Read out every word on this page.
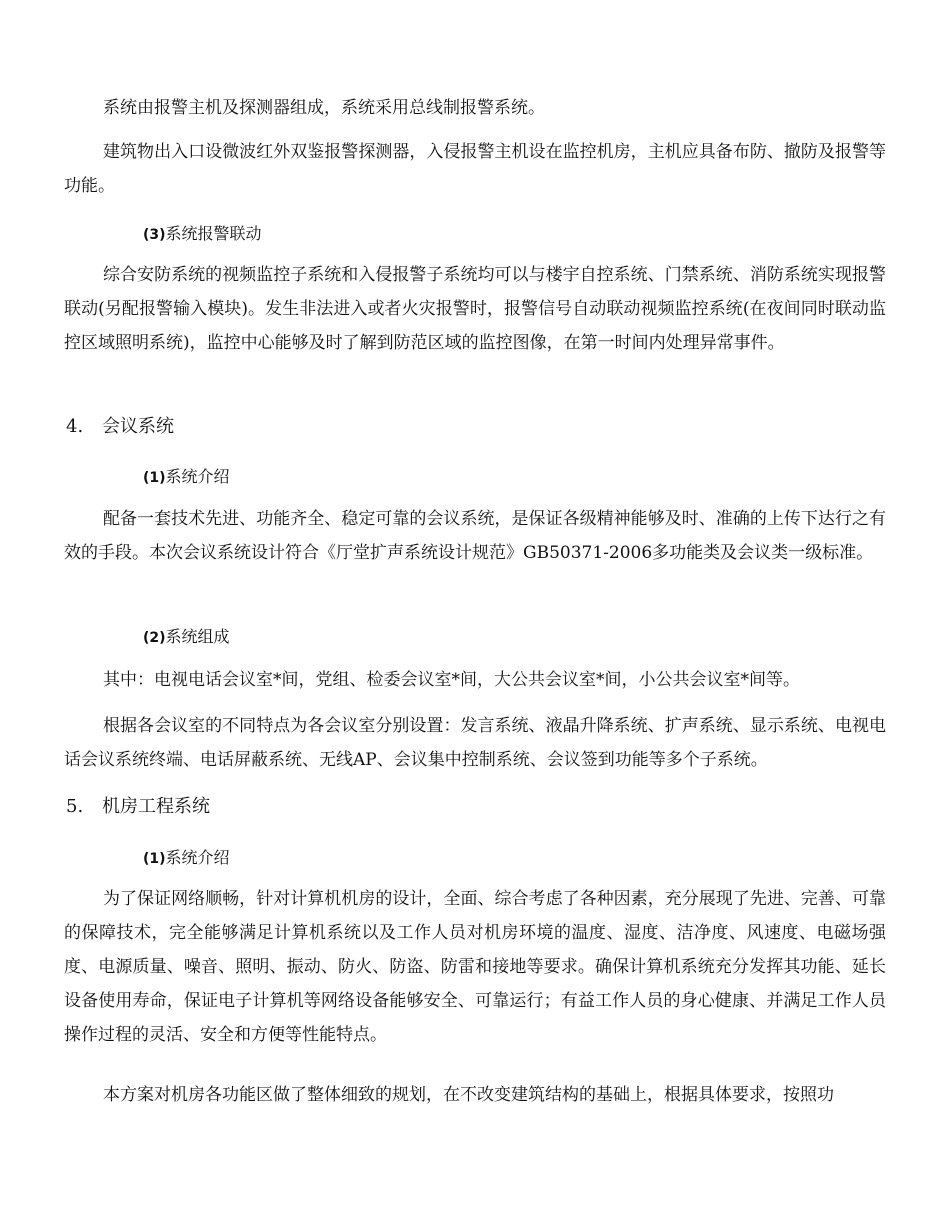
系统由报警主机及探测器组成，系统采用总线制报警系统。
建筑物出入口设微波红外双鉴报警探测器，入侵报警主机设在监控机房，主机应具备布防、撤防及报警等功能。
(3)系统报警联动
综合安防系统的视频监控子系统和入侵报警子系统均可以与楼宇自控系统、门禁系统、消防系统实现报警联动(另配报警输入模块)。发生非法进入或者火灾报警时，报警信号自动联动视频监控系统(在夜间同时联动监控区域照明系统)，监控中心能够及时了解到防范区域的监控图像，在第一时间内处理异常事件。
4. 会议系统
(1)系统介绍
配备一套技术先进、功能齐全、稳定可靠的会议系统，是保证各级精神能够及时、准确的上传下达行之有效的手段。本次会议系统设计符合《厅堂扩声系统设计规范》GB50371-2006多功能类及会议类一级标准。
(2)系统组成
其中：电视电话会议室*间，党组、检委会议室*间，大公共会议室*间，小公共会议室*间等。
根据各会议室的不同特点为各会议室分别设置：发言系统、液晶升降系统、扩声系统、显示系统、电视电话会议系统终端、电话屏蔽系统、无线AP、会议集中控制系统、会议签到功能等多个子系统。
5. 机房工程系统
(1)系统介绍
为了保证网络顺畅，针对计算机机房的设计，全面、综合考虑了各种因素，充分展现了先进、完善、可靠的保障技术，完全能够满足计算机系统以及工作人员对机房环境的温度、湿度、洁净度、风速度、电磁场强度、电源质量、噪音、照明、振动、防火、防盗、防雷和接地等要求。确保计算机系统充分发挥其功能、延长设备使用寿命，保证电子计算机等网络设备能够安全、可靠运行；有益工作人员的身心健康、并满足工作人员操作过程的灵活、安全和方便等性能特点。
本方案对机房各功能区做了整体细致的规划，在不改变建筑结构的基础上，根据具体要求，按照功
